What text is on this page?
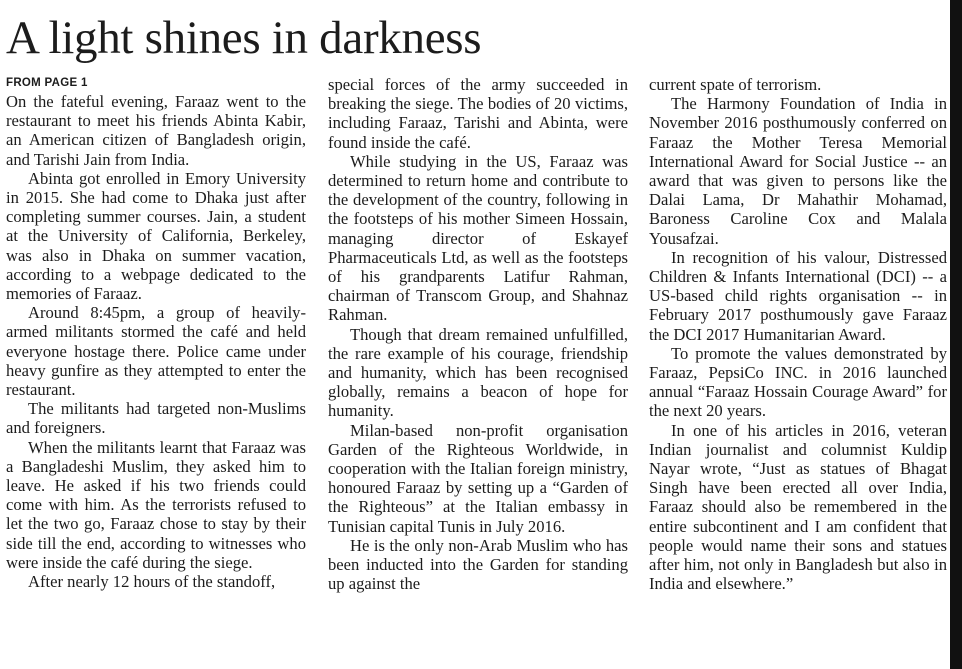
A light shines in darkness
FROM PAGE 1

On the fateful evening, Faraaz went to the restaurant to meet his friends Abinta Kabir, an American citizen of Bangladesh origin, and Tarishi Jain from India.

Abinta got enrolled in Emory University in 2015. She had come to Dhaka just after completing summer courses. Jain, a student at the University of California, Berkeley, was also in Dhaka on summer vacation, according to a webpage dedicated to the memories of Faraaz.

Around 8:45pm, a group of heavily-armed militants stormed the café and held everyone hostage there. Police came under heavy gunfire as they attempted to enter the restaurant.

The militants had targeted non-Muslims and foreigners.

When the militants learnt that Faraaz was a Bangladeshi Muslim, they asked him to leave. He asked if his two friends could come with him. As the terrorists refused to let the two go, Faraaz chose to stay by their side till the end, according to witnesses who were inside the café during the siege.

After nearly 12 hours of the standoff,

special forces of the army succeeded in breaking the siege. The bodies of 20 victims, including Faraaz, Tarishi and Abinta, were found inside the café.

While studying in the US, Faraaz was determined to return home and contribute to the development of the country, following in the footsteps of his mother Simeen Hossain, managing director of Eskayef Pharmaceuticals Ltd, as well as the footsteps of his grandparents Latifur Rahman, chairman of Transcom Group, and Shahnaz Rahman.

Though that dream remained unfulfilled, the rare example of his courage, friendship and humanity, which has been recognised globally, remains a beacon of hope for humanity.

Milan-based non-profit organisation Garden of the Righteous Worldwide, in cooperation with the Italian foreign ministry, honoured Faraaz by setting up a “Garden of the Righteous” at the Italian embassy in Tunisian capital Tunis in July 2016.

He is the only non-Arab Muslim who has been inducted into the Garden for standing up against the

current spate of terrorism.

The Harmony Foundation of India in November 2016 posthumously conferred on Faraaz the Mother Teresa Memorial International Award for Social Justice -- an award that was given to persons like the Dalai Lama, Dr Mahathir Mohamad, Baroness Caroline Cox and Malala Yousafzai.

In recognition of his valour, Distressed Children & Infants International (DCI) -- a US-based child rights organisation -- in February 2017 posthumously gave Faraaz the DCI 2017 Humanitarian Award.

To promote the values demonstrated by Faraaz, PepsiCo INC. in 2016 launched annual “Faraaz Hossain Courage Award” for the next 20 years.

In one of his articles in 2016, veteran Indian journalist and columnist Kuldip Nayar wrote, “Just as statues of Bhagat Singh have been erected all over India, Faraaz should also be remembered in the entire subcontinent and I am confident that people would name their sons and statues after him, not only in Bangladesh but also in India and elsewhere.”
